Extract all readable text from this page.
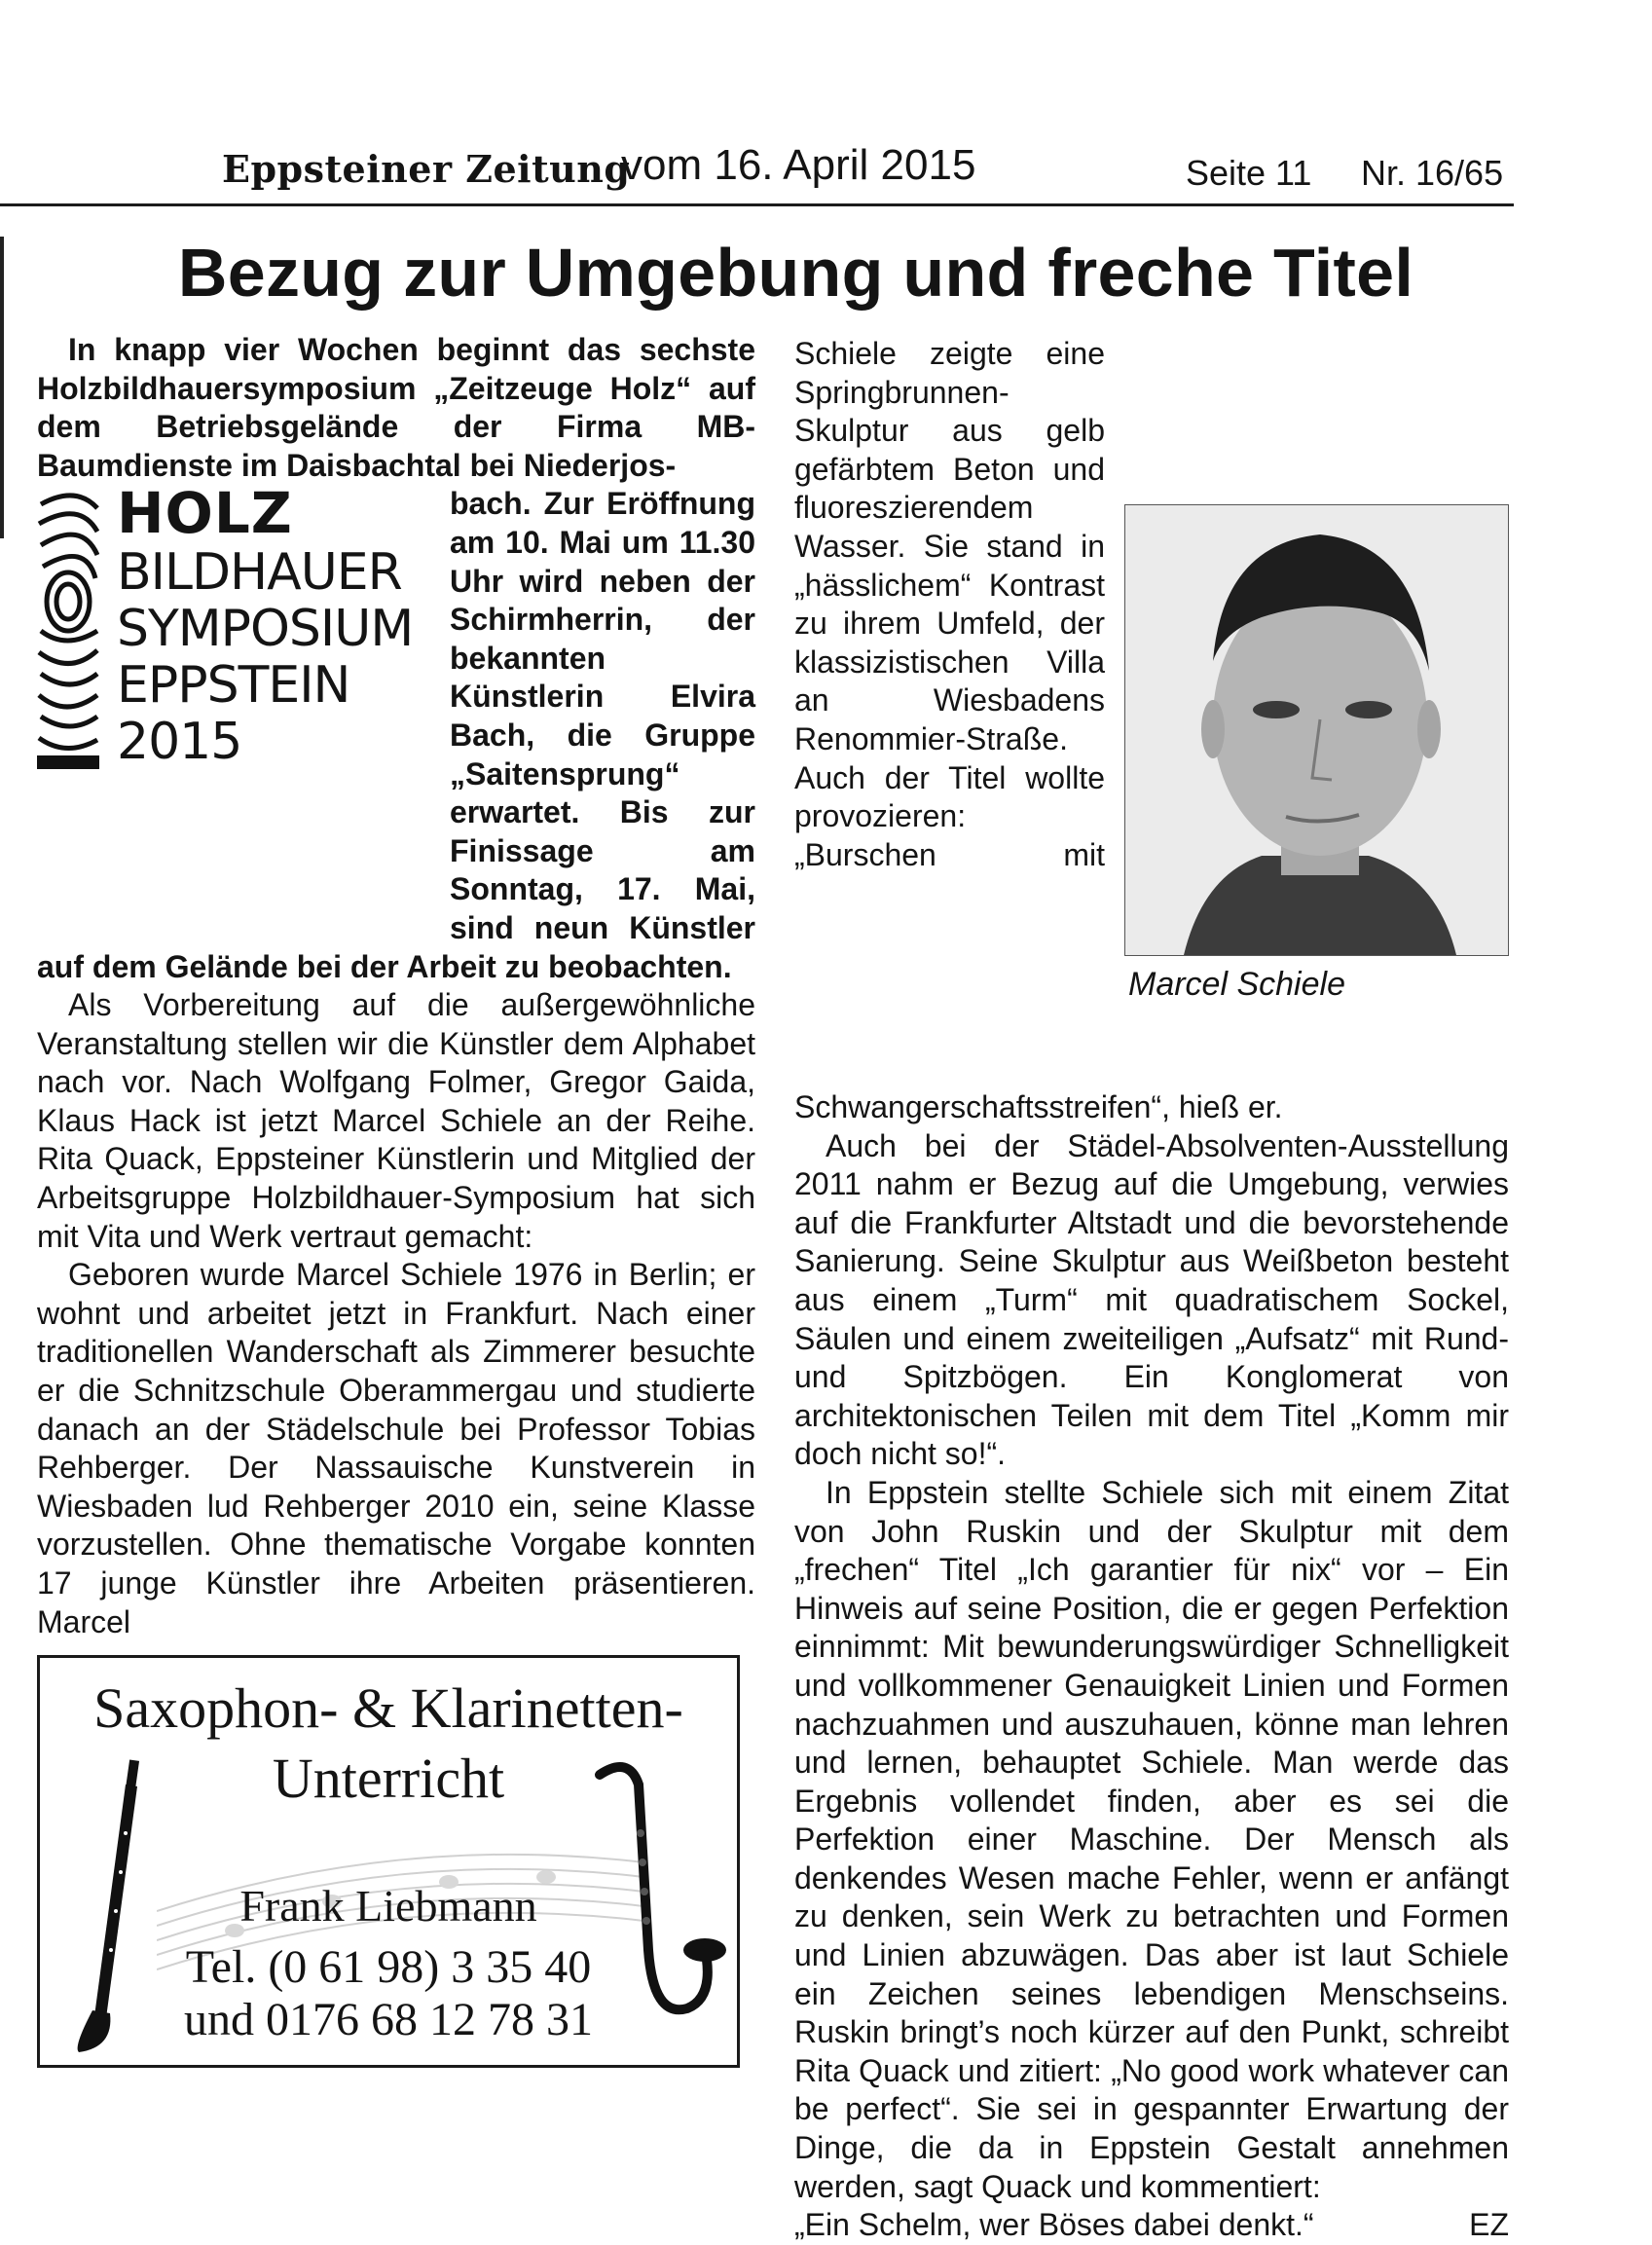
Eppsteiner Zeitung
vom 16. April 2015	Seite 11 Nr. 16/65
Bezug zur Umgebung und freche Titel

In knapp vier Wochen beginnt das sechste Holzbildhauersymposium „Zeitzeuge Holz“ auf dem Betriebsgelände der Firma MB-Baumdienste im Daisbachtal bei Niederjos-

HOLZ
BILDHAUER
SYMPOSIUM
EPPSTEIN
2015

bach. Zur Eröffnung am 10. Mai um 11.30 Uhr wird neben der Schirmherrin, der bekannten Künstlerin Elvira Bach, die Gruppe „Saitensprung“ erwartet. Bis zur Finissage am Sonntag, 17. Mai, sind neun Künstler auf dem Gelände bei der Arbeit zu beobachten.

Als Vorbereitung auf die außergewöhnliche Veranstaltung stellen wir die Künstler dem Alphabet nach vor. Nach Wolfgang Folmer, Gregor Gaida, Klaus Hack ist jetzt Marcel Schiele an der Reihe. Rita Quack, Eppsteiner Künstlerin und Mitglied der Arbeitsgruppe Holzbildhauer-Symposium hat sich mit Vita und Werk vertraut gemacht:

Geboren wurde Marcel Schiele 1976 in Berlin; er wohnt und arbeitet jetzt in Frankfurt. Nach einer traditionellen Wanderschaft als Zimmerer besuchte er die Schnitzschule Oberammergau und studierte danach an der Städelschule bei Professor Tobias Rehberger. Der Nassauische Kunstverein in Wiesbaden lud Rehberger 2010 ein, seine Klasse vorzustellen. Ohne thematische Vorgabe konnten 17 junge Künstler ihre Arbeiten präsentieren. Marcel

Marcel Schiele

Schiele zeigte eine Springbrunnen-Skulptur aus gelb gefärbtem Beton und fluoreszierendem Wasser. Sie stand in „hässlichem“ Kontrast zu ihrem Umfeld, der klassizistischen Villa an Wiesbadens Renommier-Straße. Auch der Titel wollte provozieren: „Burschen mit Schwangerschaftsstreifen“, hieß er.

Auch bei der Städel-Absolventen-Ausstellung 2011 nahm er Bezug auf die Umgebung, verwies auf die Frankfurter Altstadt und die bevorstehende Sanierung. Seine Skulptur aus Weißbeton besteht aus einem „Turm“ mit quadratischem Sockel, Säulen und einem zweiteiligen „Aufsatz“ mit Rund- und Spitzbögen. Ein Konglomerat von architektonischen Teilen mit dem Titel „Komm mir doch nicht so!“.

In Eppstein stellte Schiele sich mit einem Zitat von John Ruskin und der Skulptur mit dem „frechen“ Titel „Ich garantier für nix“ vor – Ein Hinweis auf seine Position, die er gegen Perfektion einnimmt: Mit bewunderungswürdiger Schnelligkeit und vollkommener Genauigkeit Linien und Formen nachzuahmen und auszuhauen, könne man lehren und lernen, behauptet Schiele. Man werde das Ergebnis vollendet finden, aber es sei die Perfektion einer Maschine. Der Mensch als denkendes Wesen mache Fehler, wenn er anfängt zu denken, sein Werk zu betrachten und Formen und Linien abzuwägen. Das aber ist laut Schiele ein Zeichen seines lebendigen Menschseins. Ruskin bringt’s noch kürzer auf den Punkt, schreibt Rita Quack und zitiert: „No good work whatever can be perfect“. Sie sei in gespannter Erwartung der Dinge, die da in Eppstein Gestalt annehmen werden, sagt Quack und kommentiert:

„Ein Schelm, wer Böses dabei denkt.“	EZ
Saxophon- & Klarinetten-
Unterricht
Frank Liebmann
Tel. (0 61 98) 3 35 40
und 0176 68 12 78 31
